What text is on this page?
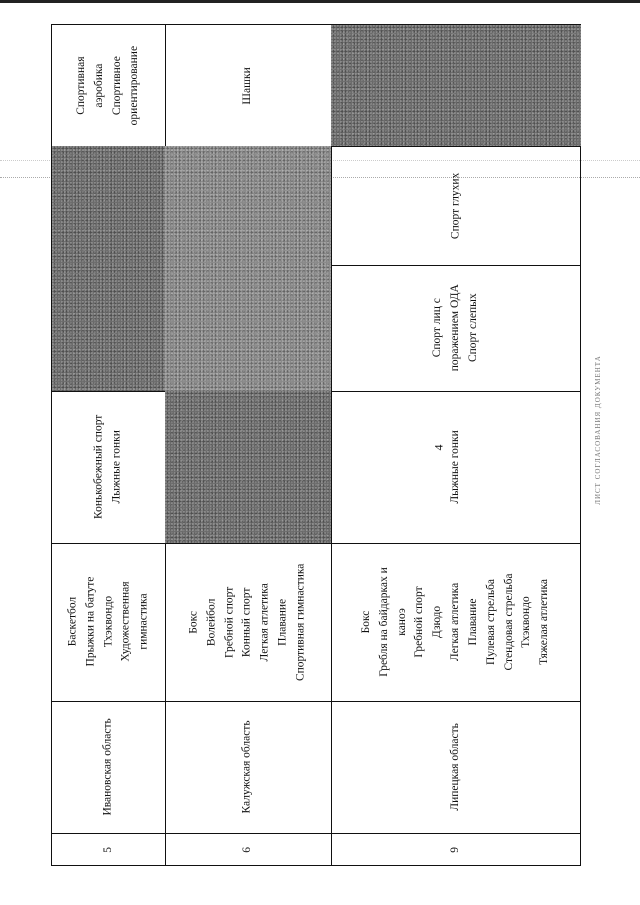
4	ЛИСТ СОГЛАСОВАНИЯ ДОКУМЕНТА
5
Ивановская область
Баскетбол Прыжки на батуте Тхэквондо Художественная гимнастика
Конькобежный спорт Лыжные гонки
Спортивная аэробика Спортивное ориентирование
6
Калужская область
Бокс Волейбол Гребной спорт Конный спорт Легкая атлетика Плавание Спортивная гимнастика
Шашки
9
Липецкая область
Бокс Гребля на байдарках и каноэ Гребной спорт Дзюдо Легкая атлетика Плавание Пулевая стрельба Стендовая стрельба Тхэквондо Тяжелая атлетика
Лыжные гонки
Спорт лиц с поражением ОДА Спорт слепых
Спорт глухих
